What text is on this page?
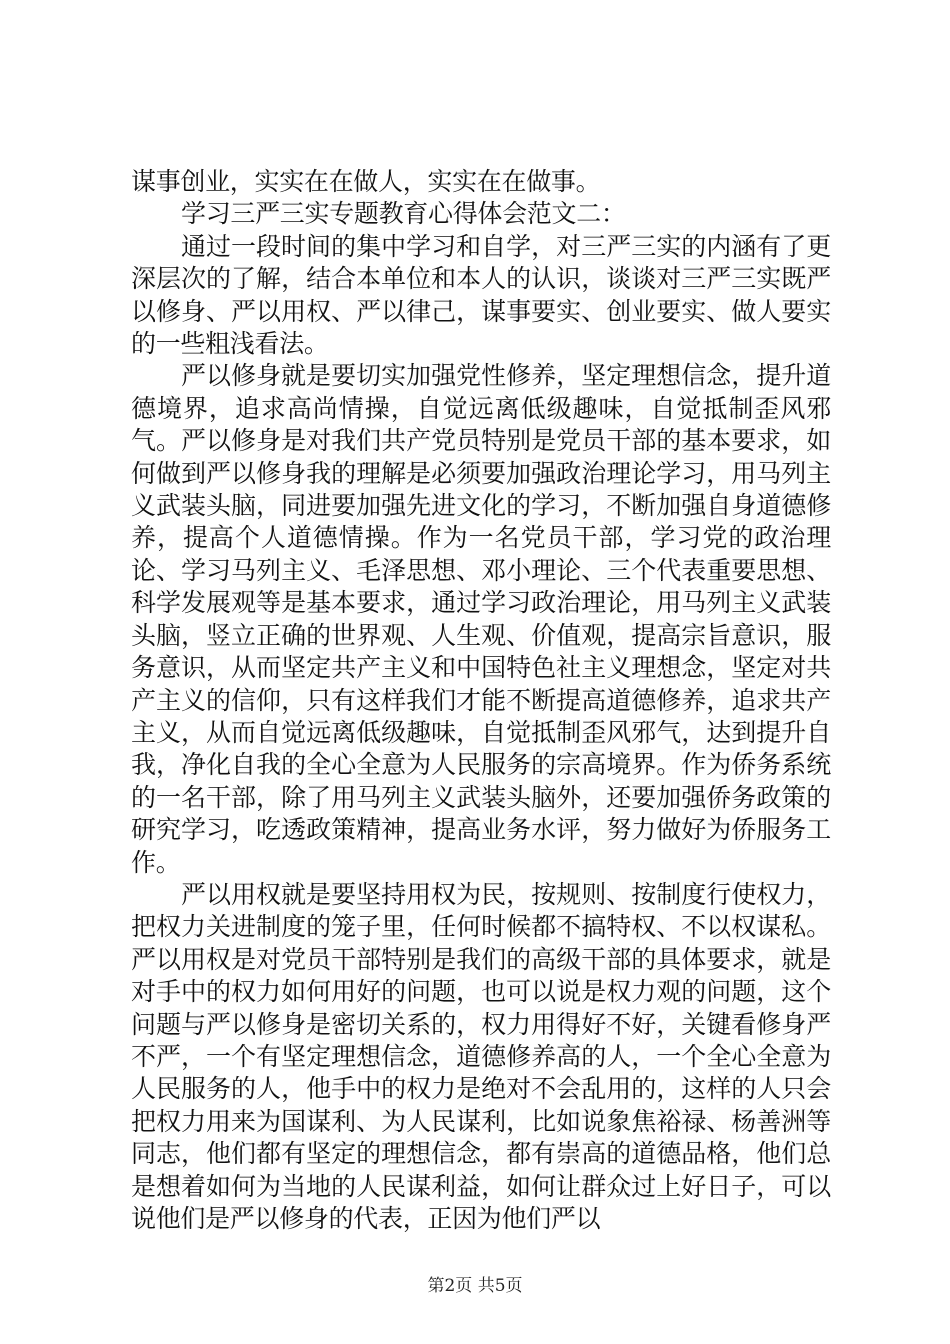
谋事创业，实实在在做人，实实在在做事。

学习三严三实专题教育心得体会范文二：

通过一段时间的集中学习和自学，对三严三实的内涵有了更深层次的了解，结合本单位和本人的认识，谈谈对三严三实既严以修身、严以用权、严以律己，谋事要实、创业要实、做人要实的一些粗浅看法。

严以修身就是要切实加强党性修养，坚定理想信念，提升道德境界，追求高尚情操，自觉远离低级趣味，自觉抵制歪风邪气。严以修身是对我们共产党员特别是党员干部的基本要求，如何做到严以修身我的理解是必须要加强政治理论学习，用马列主义武装头脑，同进要加强先进文化的学习，不断加强自身道德修养，提高个人道德情操。作为一名党员干部，学习党的政治理论、学习马列主义、毛泽思想、邓小理论、三个代表重要思想、科学发展观等是基本要求，通过学习政治理论，用马列主义武装头脑，竖立正确的世界观、人生观、价值观，提高宗旨意识，服务意识，从而坚定共产主义和中国特色社主义理想念，坚定对共产主义的信仰，只有这样我们才能不断提高道德修养，追求共产主义，从而自觉远离低级趣味，自觉抵制歪风邪气，达到提升自我，净化自我的全心全意为人民服务的宗高境界。作为侨务系统的一名干部，除了用马列主义武装头脑外，还要加强侨务政策的研究学习，吃透政策精神，提高业务水评，努力做好为侨服务工作。

严以用权就是要坚持用权为民，按规则、按制度行使权力，把权力关进制度的笼子里，任何时候都不搞特权、不以权谋私。严以用权是对党员干部特别是我们的高级干部的具体要求，就是对手中的权力如何用好的问题，也可以说是权力观的问题，这个问题与严以修身是密切关系的，权力用得好不好，关键看修身严不严，一个有坚定理想信念，道德修养高的人，一个全心全意为人民服务的人，他手中的权力是绝对不会乱用的，这样的人只会把权力用来为国谋利、为人民谋利，比如说象焦裕禄、杨善洲等同志，他们都有坚定的理想信念，都有崇高的道德品格，他们总是想着如何为当地的人民谋利益，如何让群众过上好日子，可以说他们是严以修身的代表，正因为他们严以

第2页 共5页
